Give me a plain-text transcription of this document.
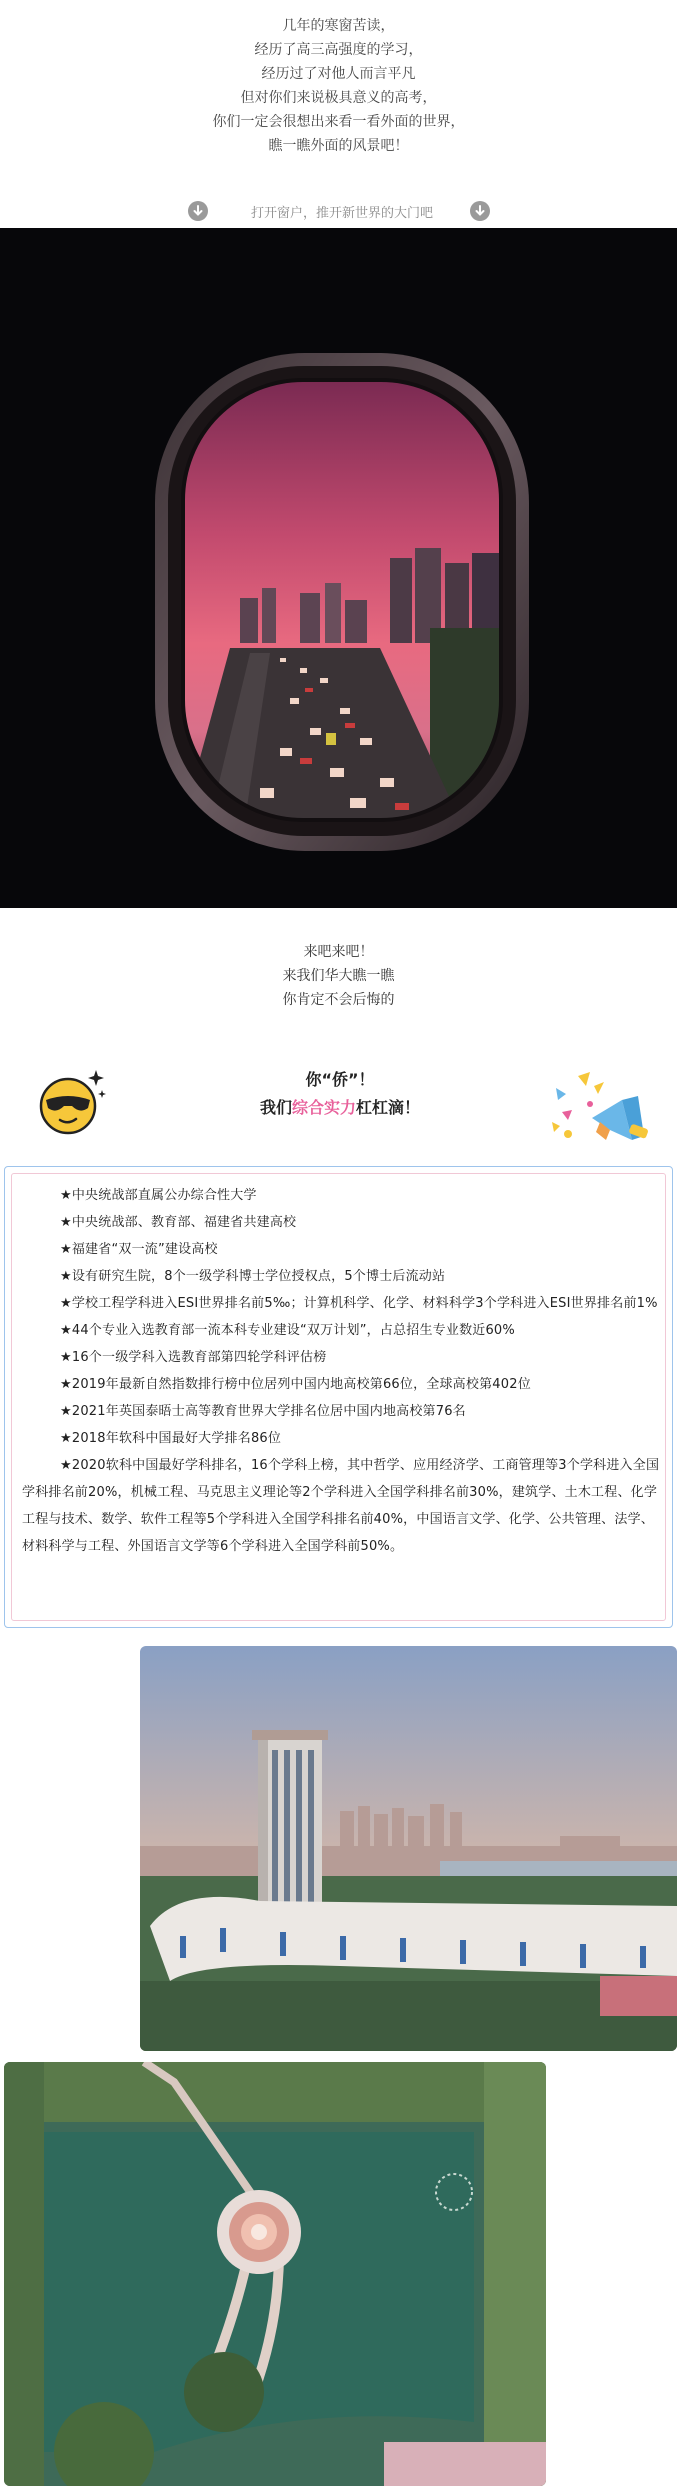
几年的寒窗苦读，
经历了高三高强度的学习，
经历过了对他人而言平凡
但对你们来说极具意义的高考，
你们一定会很想出来看一看外面的世界，
瞧一瞧外面的风景吧！
打开窗户，推开新世界的大门吧
来吧来吧！
来我们华大瞧一瞧
你肯定不会后悔的
你“侨”！
我们综合实力杠杠滴！

★中央统战部直属公办综合性大学

★中央统战部、教育部、福建省共建高校

★福建省“双一流”建设高校

★设有研究生院，8个一级学科博士学位授权点，5个博士后流动站

★学校工程学科进入ESI世界排名前5‰；计算机科学、化学、材料科学3个学科进入ESI世界排名前1%

★44个专业入选教育部一流本科专业建设“双万计划”，占总招生专业数近60%

★16个一级学科入选教育部第四轮学科评估榜

★2019年最新自然指数排行榜中位居列中国内地高校第66位，全球高校第402位

★2021年英国泰晤士高等教育世界大学排名位居中国内地高校第76名

★2018年软科中国最好大学排名86位

★2020软科中国最好学科排名，16个学科上榜，其中哲学、应用经济学、工商管理等3个学科进入全国学科排名前20%，机械工程、马克思主义理论等2个学科进入全国学科排名前30%，建筑学、土木工程、化学工程与技术、数学、软件工程等5个学科进入全国学科排名前40%，中国语言文学、化学、公共管理、法学、材料科学与工程、外国语言文学等6个学科进入全国学科前50%。
